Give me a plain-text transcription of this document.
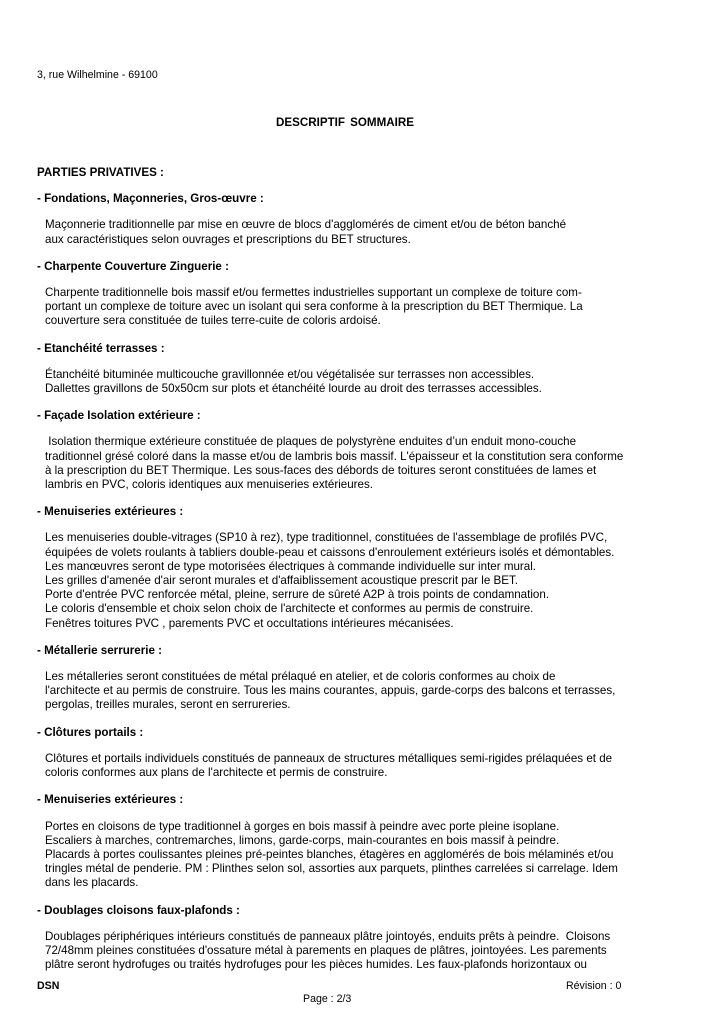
3, rue Wilhelmine - 69100
DESCRIPTIF SOMMAIRE
PARTIES PRIVATIVES :
- Fondations, Maçonneries, Gros-œuvre :
Maçonnerie traditionnelle par mise en œuvre de blocs d'agglomérés de ciment et/ou de béton banché
aux caractéristiques selon ouvrages et prescriptions du BET structures.
- Charpente Couverture Zinguerie :
Charpente traditionnelle bois massif et/ou fermettes industrielles supportant un complexe de toiture com-
portant un complexe de toiture avec un isolant qui sera conforme à la prescription du BET Thermique. La
couverture sera constituée de tuiles terre-cuite de coloris ardoisé.
- Etanchéité terrasses :
Étanchéité bituminée multicouche gravillonnée et/ou végétalisée sur terrasses non accessibles.
Dallettes gravillons de 50x50cm sur plots et étanchéité lourde au droit des terrasses accessibles.
- Façade Isolation extérieure :
Isolation thermique extérieure constituée de plaques de polystyrène enduites d’un enduit mono-couche
traditionnel grésé coloré dans la masse et/ou de lambris bois massif. L'épaisseur et la constitution sera conforme
à la prescription du BET Thermique. Les sous-faces des débords de toitures seront constituées de lames et
lambris en PVC, coloris identiques aux menuiseries extérieures.
- Menuiseries extérieures :
Les menuiseries double-vitrages (SP10 à rez), type traditionnel, constituées de l'assemblage de profilés PVC,
équipées de volets roulants à tabliers double-peau et caissons d'enroulement extérieurs isolés et démontables.
Les manœuvres seront de type motorisées électriques à commande individuelle sur inter mural.
Les grilles d'amenée d'air seront murales et d'affaiblissement acoustique prescrit par le BET.
Porte d'entrée PVC renforcée métal, pleine, serrure de sûreté A2P à trois points de condamnation.
Le coloris d'ensemble et choix selon choix de l'architecte et conformes au permis de construire.
Fenêtres toitures PVC , parements PVC et occultations intérieures mécanisées.
- Métallerie serrurerie :
Les métalleries seront constituées de métal prélaqué en atelier, et de coloris conformes au choix de
l'architecte et au permis de construire. Tous les mains courantes, appuis, garde-corps des balcons et terrasses,
pergolas, treilles murales, seront en serrureries.
- Clôtures portails :
Clôtures et portails individuels constitués de panneaux de structures métalliques semi-rigides prélaquées et de
coloris conformes aux plans de l'architecte et permis de construire.
- Menuiseries extérieures :
Portes en cloisons de type traditionnel à gorges en bois massif à peindre avec porte pleine isoplane.
Escaliers à marches, contremarches, limons, garde-corps, main-courantes en bois massif à peindre.
Placards à portes coulissantes pleines pré-peintes blanches, étagères en agglomérés de bois mélaminés et/ou
tringles métal de penderie. PM : Plinthes selon sol, assorties aux parquets, plinthes carrelées si carrelage. Idem
dans les placards.
- Doublages cloisons faux-plafonds :
Doublages périphériques intérieurs constitués de panneaux plâtre jointoyés, enduits prêts à peindre.  Cloisons
72/48mm pleines constituées d'ossature métal à parements en plaques de plâtres, jointoyées. Les parements
plâtre seront hydrofuges ou traités hydrofuges pour les pièces humides. Les faux-plafonds horizontaux ou
DSN	Révision : 0
Page : 2/3
